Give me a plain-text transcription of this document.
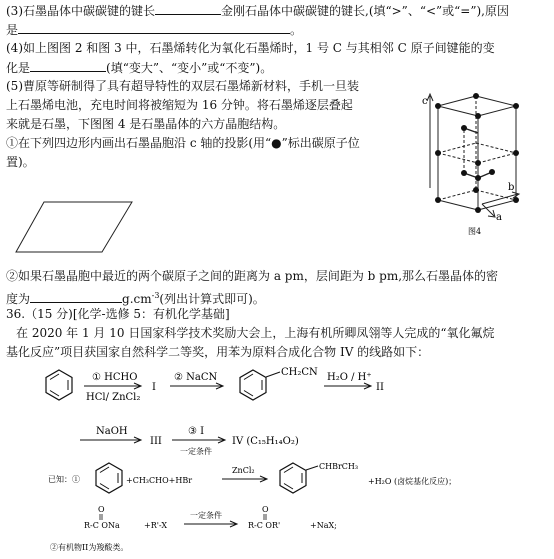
(3)石墨晶体中碳碳键的键长	金刚石晶体中碳碳键的键长,(填“>”、“<”或“=”),原因
是	。
(4)如上图图 2 和图 3 中，石墨烯转化为氧化石墨烯时，1 号 C 与其相邻 C 原子间键能的变
化是	(填“变大”、“变小”或“不变”)。
(5)曹原等研制得了具有超导特性的双层石墨烯新材料，手机一旦装
上石墨烯电池，充电时间将被缩短为 16 分钟。将石墨烯逐层叠起
来就是石墨，下图图 4 是石墨晶体的六方晶胞结构。
①在下列四边形内画出石墨晶胞沿 c 轴的投影(用“●”标出碳原子位
置)。
c
b
a
图4
②如果石墨晶胞中最近的两个碳原子之间的距离为 a pm，层间距为 b pm,那么石墨晶体的密
度为	$g.cm^{-3}$(列出计算式即可)。
36.（15 分)[化学-选修 5：有机化学基础]
在 2020 年 1 月 10 日国家科学技术奖励大会上，上海有机所卿凤翎等人完成的“氧化氟烷
基化反应”项目获国家自然科学二等奖，用苯为原料合成化合物 IV 的线路如下：
① HCHO
HCl/ ZnCl₂
I
② NaCN	CH₂CN H₂O / H⁺
II
NaOH
III
③ I
一定条件
IV (C₁₅H₁₄O₂)
已知：①	+CH₃CHO+HBr
ZnCl₂	CHBrCH₃
+H₂O (卤烷基化反应)；
O
R-C ONa	+R'-X
一定条件
O
R-C OR'	+NaX;
②有机物II为羧酸类。
